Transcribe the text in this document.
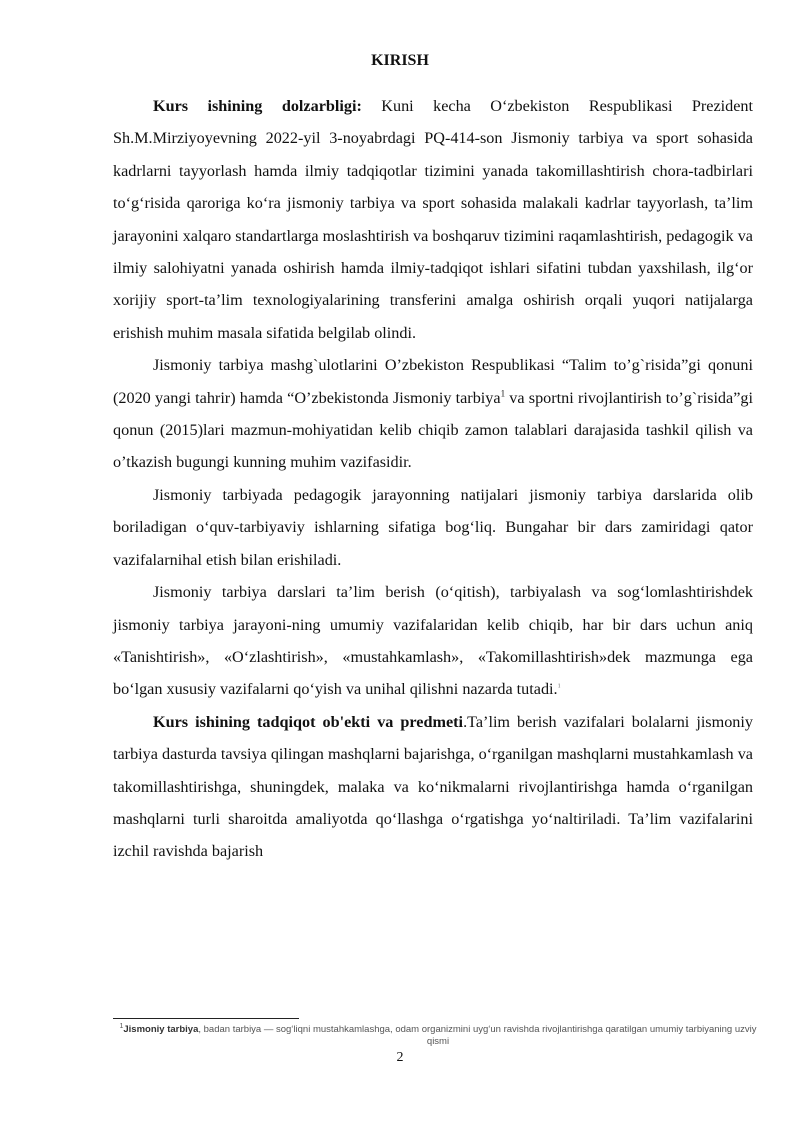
KIRISH

Kurs ishining dolzarbligi: Kuni kecha O‘zbekiston Respublikasi Prezident Sh.M.Mirziyoyevning 2022-yil 3-noyabrdagi PQ-414-son Jismoniy tarbiya va sport sohasida kadrlarni tayyorlash hamda ilmiy tadqiqotlar tizimini yanada takomillashtirish chora-tadbirlari to‘g‘risida qaroriga ko‘ra jismoniy tarbiya va sport sohasida malakali kadrlar tayyorlash, ta’lim jarayonini xalqaro standartlarga moslashtirish va boshqaruv tizimini raqamlashtirish, pedagogik va ilmiy salohiyatni yanada oshirish hamda ilmiy-tadqiqot ishlari sifatini tubdan yaxshilash, ilg‘or xorijiy sport-ta’lim texnologiyalarining transferini amalga oshirish orqali yuqori natijalarga erishish muhim masala sifatida belgilab olindi.

Jismoniy tarbiya mashg`ulotlarini O’zbekiston Respublikasi “Talim to’g`risida”gi qonuni (2020 yangi tahrir) hamda “O’zbekistonda Jismoniy tarbiya$^1$ va sportni rivojlantirish to’g`risida”gi qonun (2015)lari mazmun-mohiyatidan kelib chiqib zamon talablari darajasida tashkil qilish va o’tkazish bugungi kunning muhim vazifasidir.

Jismoniy tarbiyada pedagogik jarayonning natijalari jismoniy tarbiya darslarida olib boriladigan o‘quv-tarbiyaviy ishlarning sifatiga bog‘liq. Bungahar bir dars zamiridagi qator vazifalarnihal etish bilan erishiladi.

Jismoniy tarbiya darslari ta’lim berish (o‘qitish), tarbiyalash va sog‘lomlashtirishdek jismoniy tarbiya jarayoni-ning umumiy vazifalaridan kelib chiqib, har bir dars uchun aniq «Tanishtirish», «O‘zlashtirish», «mustahkamlash», «Takomillashtirish»dek mazmunga ega bo‘lgan xususiy vazifalarni qo‘yish va unihal qilishni nazarda tutadi.$^1$

Kurs ishining tadqiqot ob'ekti va predmeti.Ta’lim berish vazifalari bolalarni jismoniy tarbiya dasturda tavsiya qilingan mashqlarni bajarishga, o‘rganilgan mashqlarni mustahkamlash va takomillashtirishga, shuningdek, malaka va ko‘nikmalarni rivojlantirishga hamda o‘rganilgan mashqlarni turli sharoitda amaliyotda qo‘llashga o‘rgatishga yo‘naltiriladi. Ta’lim vazifalarini izchil ravishda bajarish

$^1$Jismoniy tarbiya, badan tarbiya — sogʻliqni mustahkamlashga, odam organizmini uygʻun ravishda rivojlantirishga qaratilgan umumiy tarbiyaning uzviy qismi
2
